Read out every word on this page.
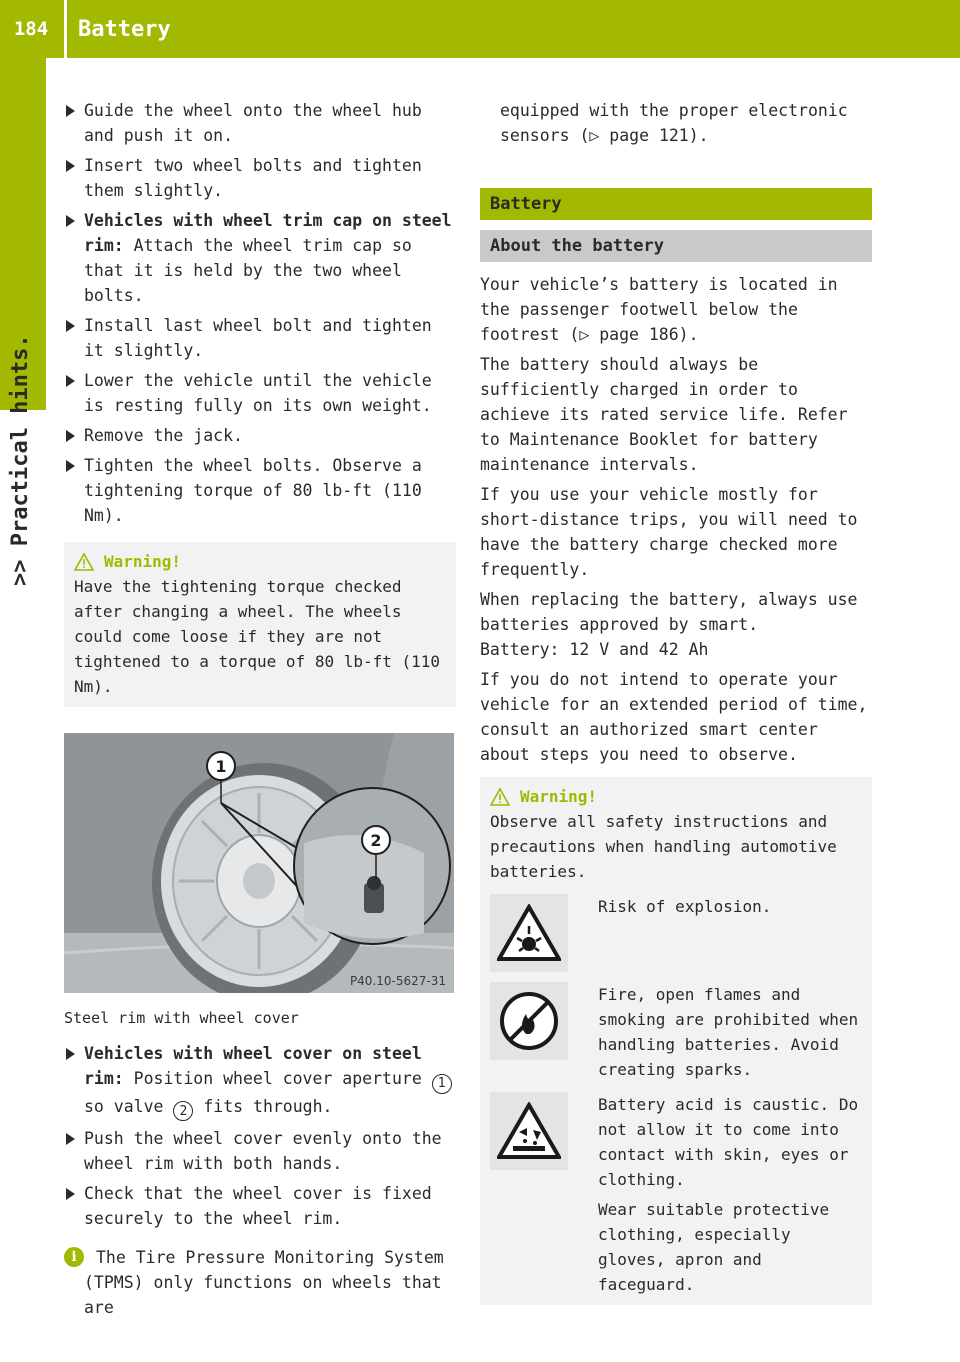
184	Battery
>> Practical hints.
Guide the wheel onto the wheel hub and push it on.
Insert two wheel bolts and tighten them slightly.
Vehicles with wheel trim cap on steel rim: Attach the wheel trim cap so that it is held by the two wheel bolts.
Install last wheel bolt and tighten it slightly.
Lower the vehicle until the vehicle is resting fully on its own weight.
Remove the jack.
Tighten the wheel bolts. Observe a tightening torque of 80 lb-ft (110 Nm).
Warning!
Have the tightening torque checked after changing a wheel. The wheels could come loose if they are not tightened to a torque of 80 lb-ft (110 Nm).
1
2
P40.10-5627-31
Steel rim with wheel cover
Vehicles with wheel cover on steel rim: Position wheel cover aperture 1 so valve 2 fits through.
Push the wheel cover evenly onto the wheel rim with both hands.
Check that the wheel cover is fixed securely to the wheel rim.
i	The Tire Pressure Monitoring System (TPMS) only functions on wheels that are
equipped with the proper electronic sensors (▷ page 121).
Battery
About the battery
Your vehicle’s battery is located in the passenger footwell below the footrest (▷ page 186).
The battery should always be sufficiently charged in order to achieve its rated service life. Refer to Maintenance Booklet for battery maintenance intervals.
If you use your vehicle mostly for short-distance trips, you will need to have the battery charge checked more frequently.
When replacing the battery, always use batteries approved by smart.
Battery: 12 V and 42 Ah
If you do not intend to operate your vehicle for an extended period of time, consult an authorized smart center about steps you need to observe.
Warning!
Observe all safety instructions and precautions when handling automotive batteries.
Risk of explosion.
Fire, open flames and smoking are prohibited when handling batteries. Avoid creating sparks.
Battery acid is caustic. Do not allow it to come into contact with skin, eyes or clothing.
Wear suitable protective clothing, especially gloves, apron and faceguard.
